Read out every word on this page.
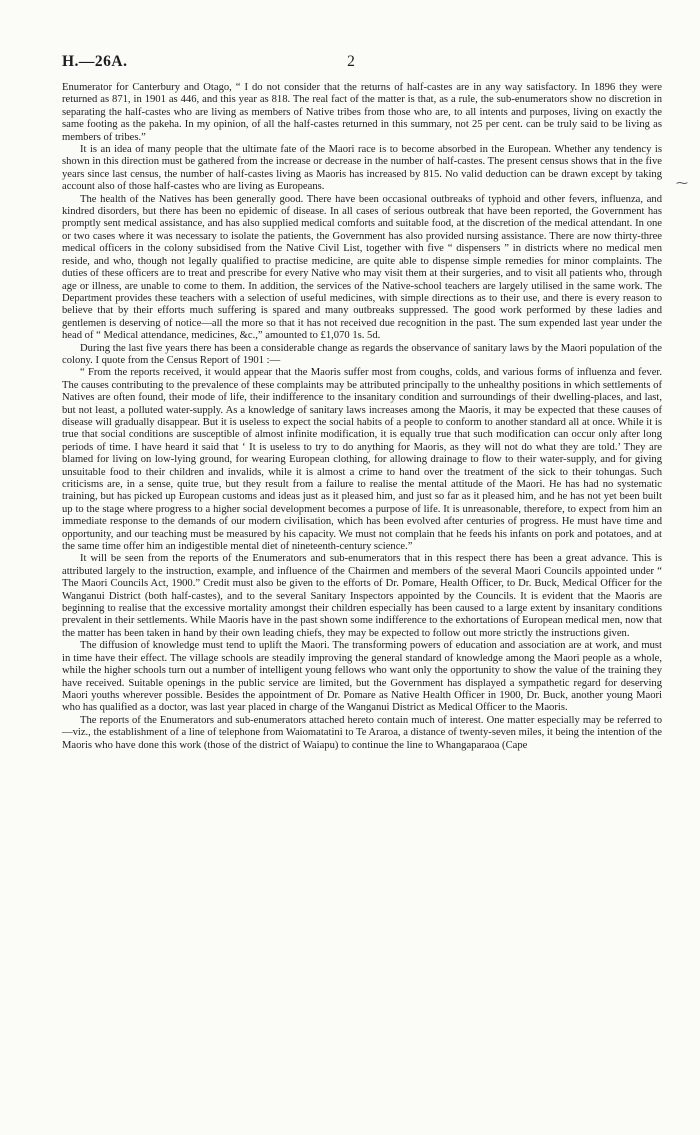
H.—26A.	2

Enumerator for Canterbury and Otago, “ I do not consider that the returns of half-castes are in any way satisfactory. In 1896 they were returned as 871, in 1901 as 446, and this year as 818. The real fact of the matter is that, as a rule, the sub-enumerators show no discretion in separating the half-castes who are living as members of Native tribes from those who are, to all intents and purposes, living on exactly the same footing as the pakeha. In my opinion, of all the half-castes returned in this summary, not 25 per cent. can be truly said to be living as members of tribes.”

It is an idea of many people that the ultimate fate of the Maori race is to become absorbed in the European. Whether any tendency is shown in this direction must be gathered from the increase or decrease in the number of half-castes. The present census shows that in the five years since last census, the number of half-castes living as Maoris has increased by 815. No valid deduction can be drawn except by taking account also of those half-castes who are living as Europeans.

The health of the Natives has been generally good. There have been occasional outbreaks of typhoid and other fevers, influenza, and kindred disorders, but there has been no epidemic of disease. In all cases of serious outbreak that have been reported, the Government has promptly sent medical assistance, and has also supplied medical comforts and suitable food, at the discretion of the medical attendant. In one or two cases where it was necessary to isolate the patients, the Government has also provided nursing assistance. There are now thirty-three medical officers in the colony subsidised from the Native Civil List, together with five “ dispensers ” in districts where no medical men reside, and who, though not legally qualified to practise medicine, are quite able to dispense simple remedies for minor complaints. The duties of these officers are to treat and prescribe for every Native who may visit them at their surgeries, and to visit all patients who, through age or illness, are unable to come to them. In addition, the services of the Native-school teachers are largely utilised in the same work. The Department provides these teachers with a selection of useful medicines, with simple directions as to their use, and there is every reason to believe that by their efforts much suffering is spared and many outbreaks suppressed. The good work performed by these ladies and gentlemen is deserving of notice—all the more so that it has not received due recognition in the past. The sum expended last year under the head of “ Medical attendance, medicines, &c.,” amounted to £1,070 1s. 5d.

During the last five years there has been a considerable change as regards the observance of sanitary laws by the Maori population of the colony. I quote from the Census Report of 1901 :—

“ From the reports received, it would appear that the Maoris suffer most from coughs, colds, and various forms of influenza and fever. The causes contributing to the prevalence of these complaints may be attributed principally to the unhealthy positions in which settlements of Natives are often found, their mode of life, their indifference to the insanitary condition and surroundings of their dwelling-places, and last, but not least, a polluted water-supply. As a knowledge of sanitary laws increases among the Maoris, it may be expected that these causes of disease will gradually disappear. But it is useless to expect the social habits of a people to conform to another standard all at once. While it is true that social conditions are susceptible of almost infinite modification, it is equally true that such modification can occur only after long periods of time. I have heard it said that ‘ It is useless to try to do anything for Maoris, as they will not do what they are told.’ They are blamed for living on low-lying ground, for wearing European clothing, for allowing drainage to flow to their water-supply, and for giving unsuitable food to their children and invalids, while it is almost a crime to hand over the treatment of the sick to their tohungas. Such criticisms are, in a sense, quite true, but they result from a failure to realise the mental attitude of the Maori. He has had no systematic training, but has picked up European customs and ideas just as it pleased him, and just so far as it pleased him, and he has not yet been built up to the stage where progress to a higher social development becomes a purpose of life. It is unreasonable, therefore, to expect from him an immediate response to the demands of our modern civilisation, which has been evolved after centuries of progress. He must have time and opportunity, and our teaching must be measured by his capacity. We must not complain that he feeds his infants on pork and potatoes, and at the same time offer him an indigestible mental diet of nineteenth-century science.”

It will be seen from the reports of the Enumerators and sub-enumerators that in this respect there has been a great advance. This is attributed largely to the instruction, example, and influence of the Chairmen and members of the several Maori Councils appointed under “ The Maori Councils Act, 1900.” Credit must also be given to the efforts of Dr. Pomare, Health Officer, to Dr. Buck, Medical Officer for the Wanganui District (both half-castes), and to the several Sanitary Inspectors appointed by the Councils. It is evident that the Maoris are beginning to realise that the excessive mortality amongst their children especially has been caused to a large extent by insanitary conditions prevalent in their settlements. While Maoris have in the past shown some indifference to the exhortations of European medical men, now that the matter has been taken in hand by their own leading chiefs, they may be expected to follow out more strictly the instructions given.

The diffusion of knowledge must tend to uplift the Maori. The transforming powers of education and association are at work, and must in time have their effect. The village schools are steadily improving the general standard of knowledge among the Maori people as a whole, while the higher schools turn out a number of intelligent young fellows who want only the opportunity to show the value of the training they have received. Suitable openings in the public service are limited, but the Government has displayed a sympathetic regard for deserving Maori youths wherever possible. Besides the appointment of Dr. Pomare as Native Health Officer in 1900, Dr. Buck, another young Maori who has qualified as a doctor, was last year placed in charge of the Wanganui District as Medical Officer to the Maoris.

The reports of the Enumerators and sub-enumerators attached hereto contain much of interest. One matter especially may be referred to—viz., the establishment of a line of telephone from Waiomatatini to Te Araroa, a distance of twenty-seven miles, it being the intention of the Maoris who have done this work (those of the district of Waiapu) to continue the line to Whangaparaoa (Cape

⁓
